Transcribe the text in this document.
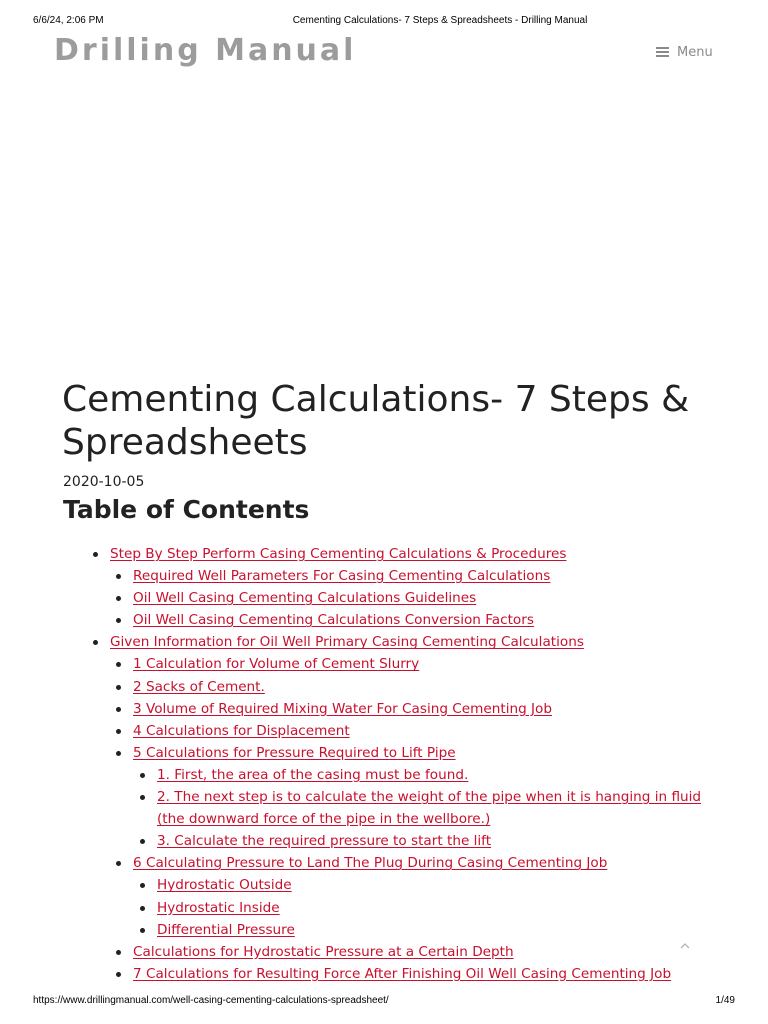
6/6/24, 2:06 PM	Cementing Calculations- 7 Steps & Spreadsheets - Drilling Manual
Drilling Manual	Menu
Cementing Calculations- 7 Steps & Spreadsheets
2020-10-05
Table of Contents
Step By Step Perform Casing Cementing Calculations & Procedures
Required Well Parameters For Casing Cementing Calculations
Oil Well Casing Cementing Calculations Guidelines
Oil Well Casing Cementing Calculations Conversion Factors
Given Information for Oil Well Primary Casing Cementing Calculations
1 Calculation for Volume of Cement Slurry
2 Sacks of Cement.
3 Volume of Required Mixing Water For Casing Cementing Job
4 Calculations for Displacement
5 Calculations for Pressure Required to Lift Pipe
1. First, the area of the casing must be found.
2. The next step is to calculate the weight of the pipe when it is hanging in fluid (the downward force of the pipe in the wellbore.)
3. Calculate the required pressure to start the lift
6 Calculating Pressure to Land The Plug During Casing Cementing Job
Hydrostatic Outside
Hydrostatic Inside
Differential Pressure
Calculations for Hydrostatic Pressure at a Certain Depth
7 Calculations for Resulting Force After Finishing Oil Well Casing Cementing Job
https://www.drillingmanual.com/well-casing-cementing-calculations-spreadsheet/	1/49
